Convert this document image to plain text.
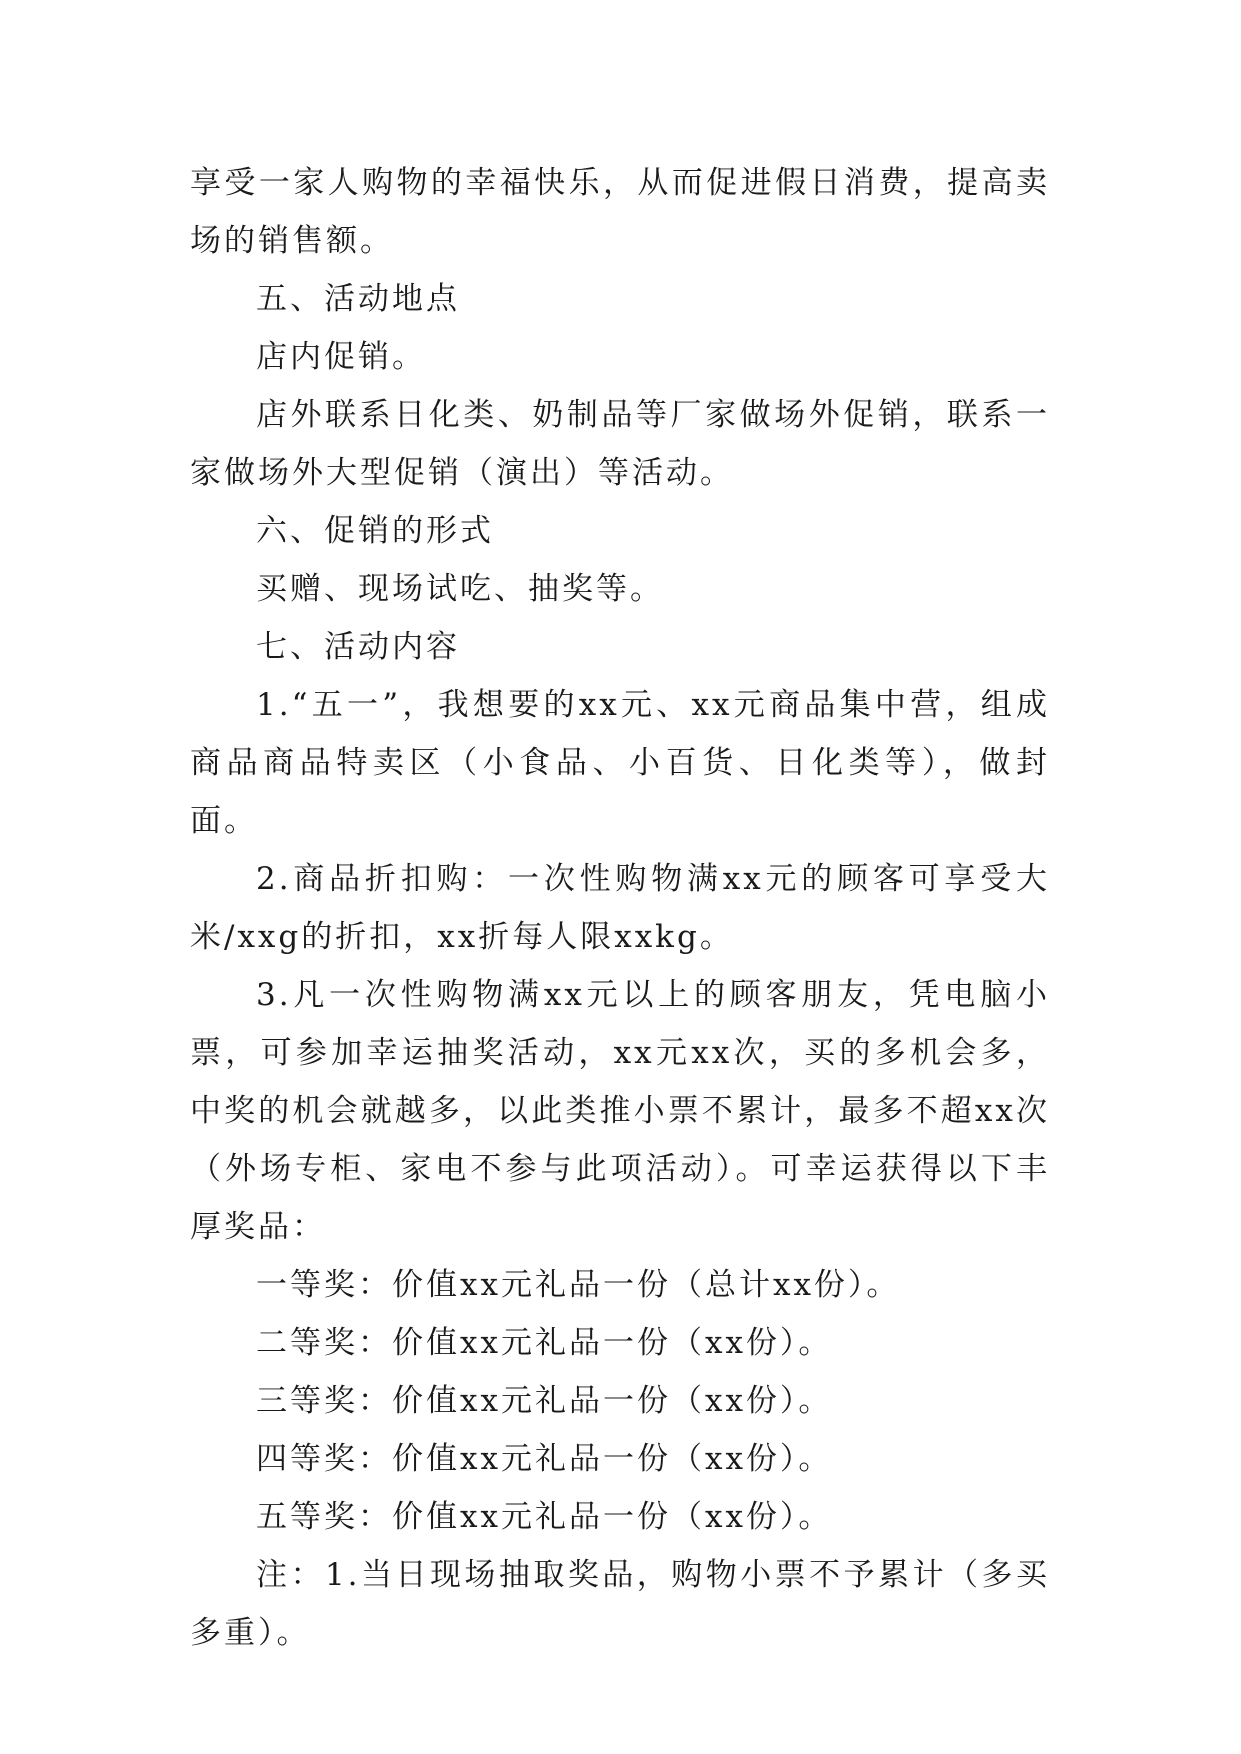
享受一家人购物的幸福快乐，从而促进假日消费，提高卖场的销售额。

五、活动地点

店内促销。

店外联系日化类、奶制品等厂家做场外促销，联系一家做场外大型促销（演出）等活动。

六、促销的形式

买赠、现场试吃、抽奖等。

七、活动内容

1.“五一”，我想要的xx元、xx元商品集中营，组成商品商品特卖区（小食品、小百货、日化类等），做封面。

2.商品折扣购：一次性购物满xx元的顾客可享受大米/xxg的折扣，xx折每人限xxkg。

3.凡一次性购物满xx元以上的顾客朋友，凭电脑小票，可参加幸运抽奖活动，xx元xx次，买的多机会多，中奖的机会就越多，以此类推小票不累计，最多不超xx次（外场专柜、家电不参与此项活动）。可幸运获得以下丰厚奖品：

一等奖：价值xx元礼品一份（总计xx份）。

二等奖：价值xx元礼品一份（xx份）。

三等奖：价值xx元礼品一份（xx份）。

四等奖：价值xx元礼品一份（xx份）。

五等奖：价值xx元礼品一份（xx份）。

注：1.当日现场抽取奖品，购物小票不予累计（多买多重）。
